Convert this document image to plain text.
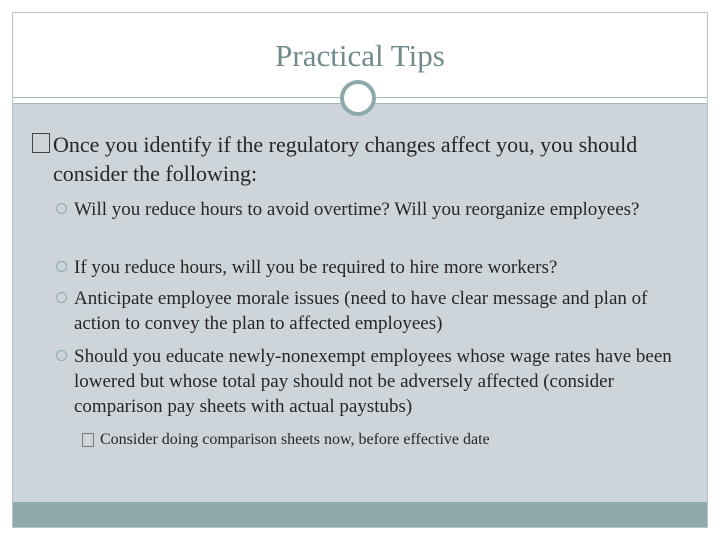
Practical Tips
Once you identify if the regulatory changes affect you, you should consider the following:
Will you reduce hours to avoid overtime? Will you reorganize employees?
If you reduce hours, will you be required to hire more workers?
Anticipate employee morale issues (need to have clear message and plan of action to convey the plan to affected employees)
Should you educate newly-nonexempt employees whose wage rates have been lowered but whose total pay should not be adversely affected (consider comparison pay sheets with actual paystubs)
Consider doing comparison sheets now, before effective date
